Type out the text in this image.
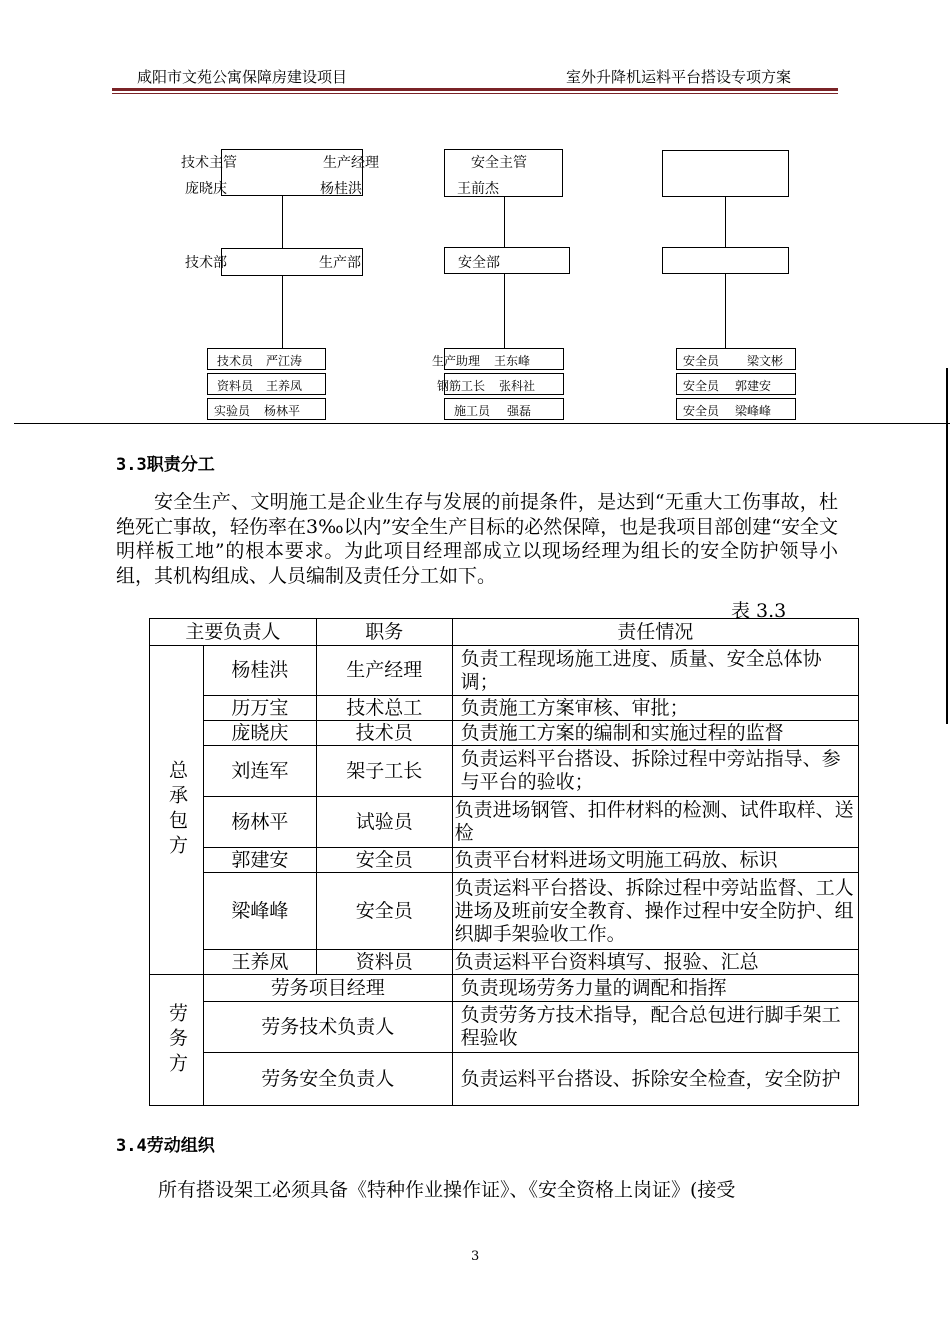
咸阳市文苑公寓保障房建设项目	室外升降机运料平台搭设专项方案
技术主管	生产经理
庞晓庆	杨桂洪
技术部	生产部
技术员 严江涛
资料员 王养凤
实验员 杨林平
安全主管
王前杰
安全部
生产助理 王东峰
钢筋工长 张科社
施工员 强磊
安全员 梁文彬
安全员 郭建安
安全员 梁峰峰
3.3职责分工

安全生产、文明施工是企业生存与发展的前提条件，是达到“无重大工伤事故，杜绝死亡事故，轻伤率在3‰以内”安全生产目标的必然保障，也是我项目部创建“安全文明样板工地”的根本要求。为此项目经理部成立以现场经理为组长的安全防护领导小组，其机构组成、人员编制及责任分工如下。

表 3.3
主要负责人		职务	责任情况
总承包方	杨桂洪	生产经理	负责工程现场施工进度、质量、安全总体协调；
	历万宝	技术总工	负责施工方案审核、审批；
	庞晓庆	技术员	负责施工方案的编制和实施过程的监督
	刘连军	架子工长	负责运料平台搭设、拆除过程中旁站指导、参与平台的验收；
	杨林平	试验员	负责进场钢管、扣件材料的检测、试件取样、送检
	郭建安	安全员	负责平台材料进场文明施工码放、标识
	梁峰峰	安全员	负责运料平台搭设、拆除过程中旁站监督、工人进场及班前安全教育、操作过程中安全防护、组织脚手架验收工作。
	王养凤	资料员	负责运料平台资料填写、报验、汇总
劳务方	劳务项目经理		负责现场劳务力量的调配和指挥
	劳务技术负责人		负责劳务方技术指导，配合总包进行脚手架工程验收
	劳务安全负责人		负责运料平台搭设、拆除安全检查，安全防护
3.4劳动组织

所有搭设架工必须具备《特种作业操作证》、《安全资格上岗证》(接受

3
